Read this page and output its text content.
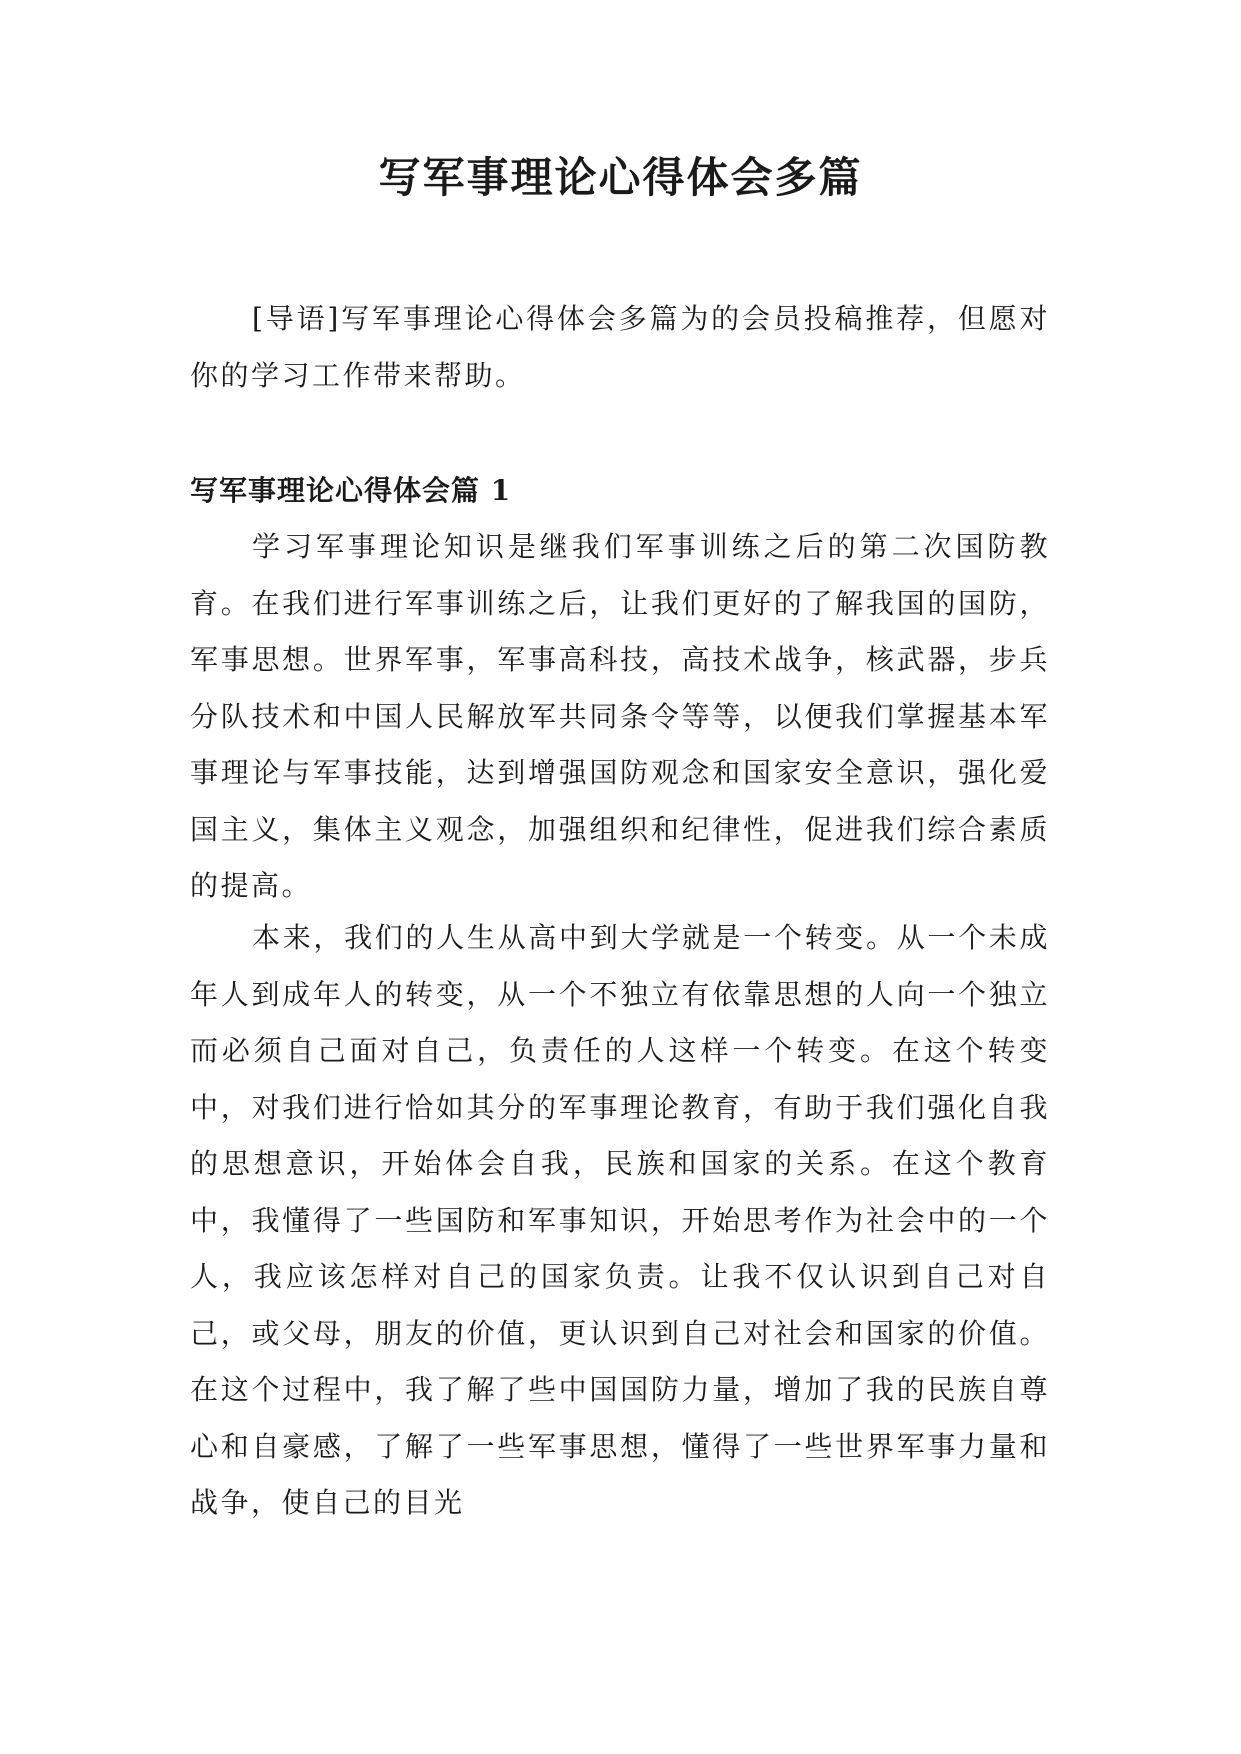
写军事理论心得体会多篇

[导语]写军事理论心得体会多篇为的会员投稿推荐，但愿对你的学习工作带来帮助。

写军事理论心得体会篇 1

学习军事理论知识是继我们军事训练之后的第二次国防教育。在我们进行军事训练之后，让我们更好的了解我国的国防，军事思想。世界军事，军事高科技，高技术战争，核武器，步兵分队技术和中国人民解放军共同条令等等，以便我们掌握基本军事理论与军事技能，达到增强国防观念和国家安全意识，强化爱国主义，集体主义观念，加强组织和纪律性，促进我们综合素质的提高。

本来，我们的人生从高中到大学就是一个转变。从一个未成年人到成年人的转变，从一个不独立有依靠思想的人向一个独立而必须自己面对自己，负责任的人这样一个转变。在这个转变中，对我们进行恰如其分的军事理论教育，有助于我们强化自我的思想意识，开始体会自我，民族和国家的关系。在这个教育中，我懂得了一些国防和军事知识，开始思考作为社会中的一个人，我应该怎样对自己的国家负责。让我不仅认识到自己对自己，或父母，朋友的价值，更认识到自己对社会和国家的价值。在这个过程中，我了解了些中国国防力量，增加了我的民族自尊心和自豪感，了解了一些军事思想，懂得了一些世界军事力量和战争，使自己的目光
